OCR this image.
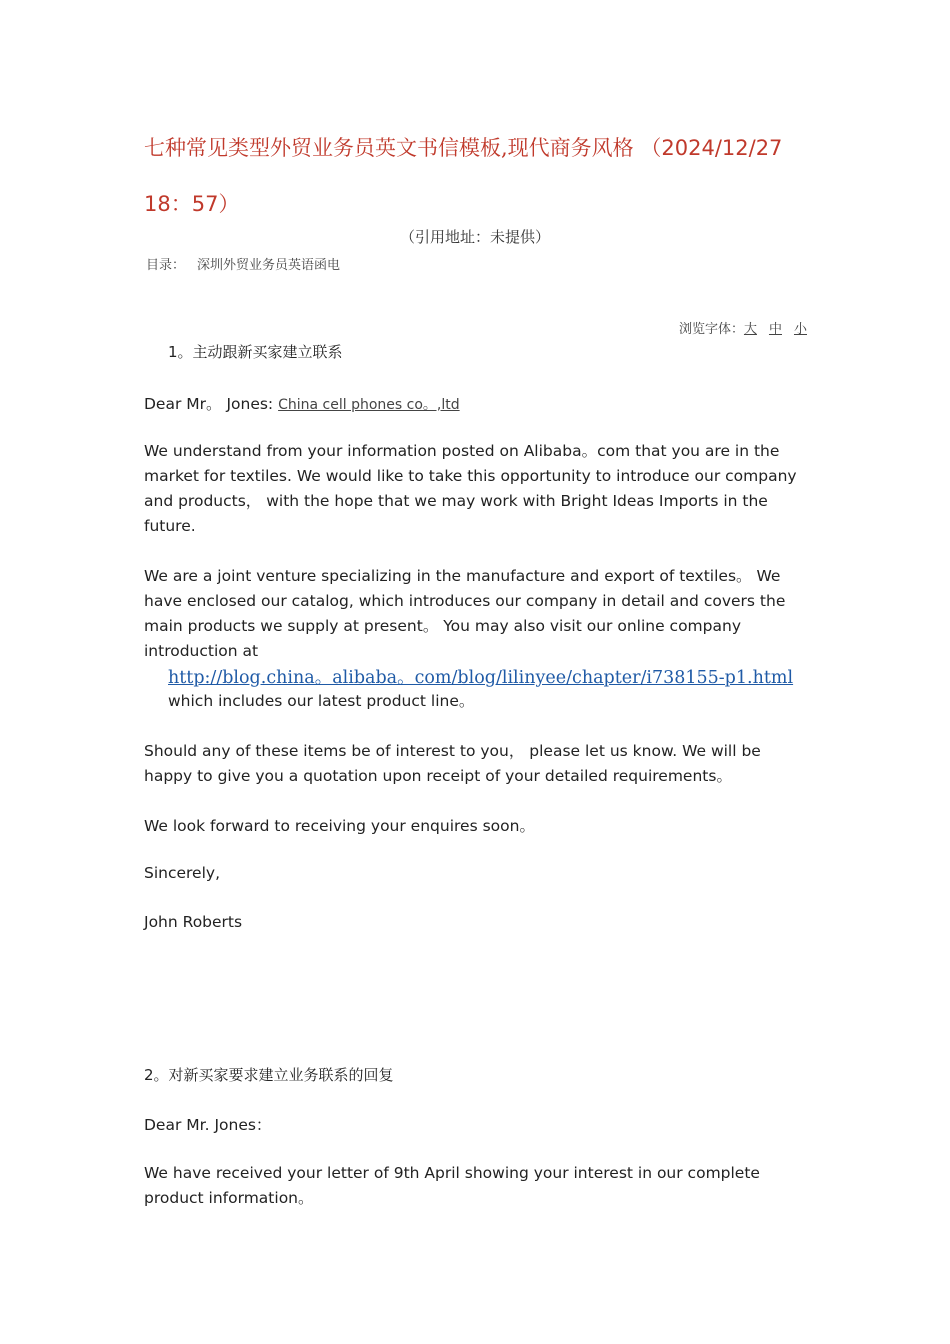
七种常见类型外贸业务员英文书信模板,现代商务风格 （2024/12/27
18：57）
（引用地址：未提供）
目录： 深圳外贸业务员英语函电
浏览字体：大 中 小
1。主动跟新买家建立联系
Dear Mr。 Jones: China cell phones co。,ltd
We understand from your information posted on Alibaba。com that you are in the market for textiles. We would like to take this opportunity to introduce our company and products， with the hope that we may work with Bright Ideas Imports in the future.
We are a joint venture specializing in the manufacture and export of textiles。 We have enclosed our catalog, which introduces our company in detail and covers the main products we supply at present。 You may also visit our online company introduction at
http://blog.china。alibaba。com/blog/lilinyee/chapter/i738155-p1.html
which includes our latest product line。
Should any of these items be of interest to you， please let us know. We will be happy to give you a quotation upon receipt of your detailed requirements。
We look forward to receiving your enquires soon。
Sincerely,
John Roberts
2。对新买家要求建立业务联系的回复
Dear Mr. Jones：
We have received your letter of 9th April showing your interest in our complete product information。
